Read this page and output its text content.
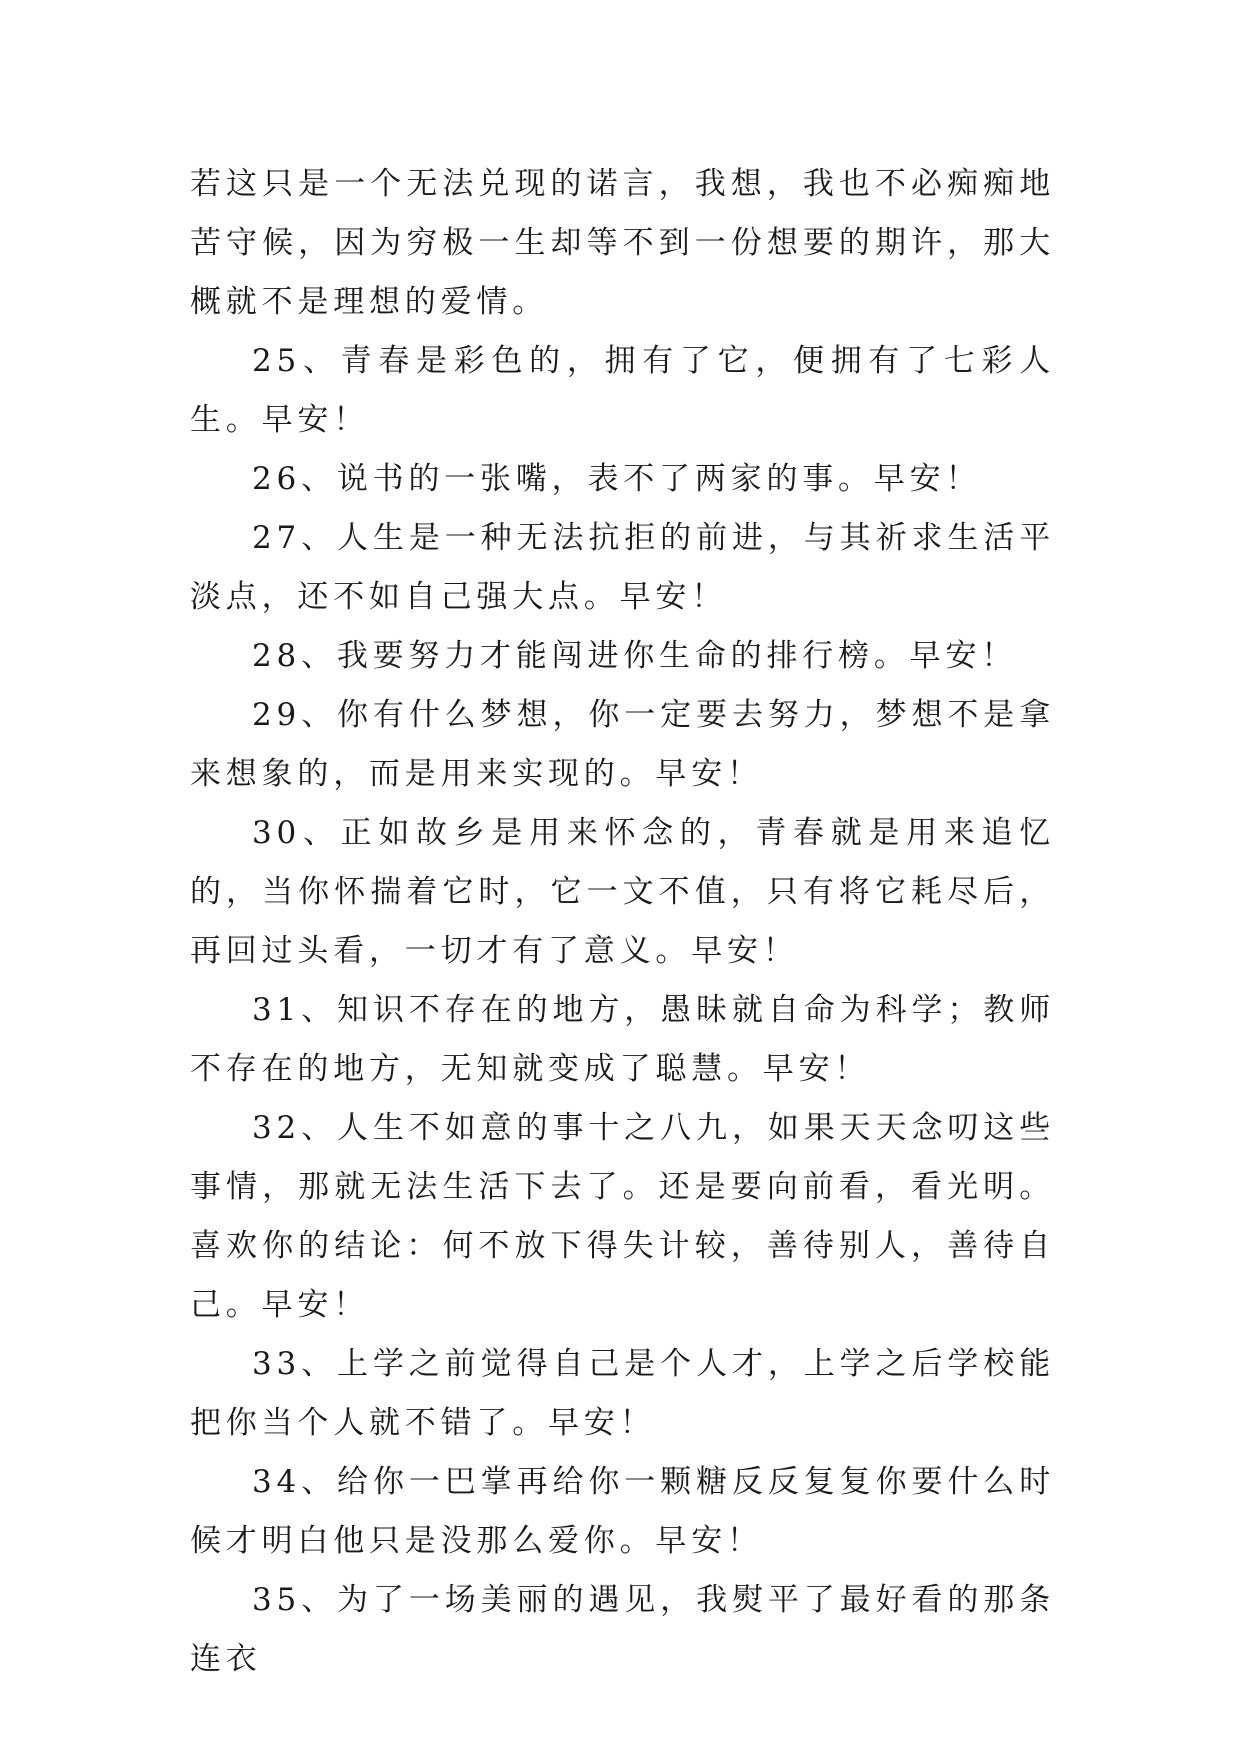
若这只是一个无法兑现的诺言，我想，我也不必痴痴地苦守候，因为穷极一生却等不到一份想要的期许，那大概就不是理想的爱情。

25、青春是彩色的，拥有了它，便拥有了七彩人生。早安！

26、说书的一张嘴，表不了两家的事。早安！

27、人生是一种无法抗拒的前进，与其祈求生活平淡点，还不如自己强大点。早安！

28、我要努力才能闯进你生命的排行榜。早安！

29、你有什么梦想，你一定要去努力，梦想不是拿来想象的，而是用来实现的。早安！

30、正如故乡是用来怀念的，青春就是用来追忆的，当你怀揣着它时，它一文不值，只有将它耗尽后，再回过头看，一切才有了意义。早安！

31、知识不存在的地方，愚昧就自命为科学；教师不存在的地方，无知就变成了聪慧。早安！

32、人生不如意的事十之八九，如果天天念叨这些事情，那就无法生活下去了。还是要向前看，看光明。喜欢你的结论：何不放下得失计较，善待别人，善待自己。早安！

33、上学之前觉得自己是个人才，上学之后学校能把你当个人就不错了。早安！

34、给你一巴掌再给你一颗糖反反复复你要什么时候才明白他只是没那么爱你。早安！

35、为了一场美丽的遇见，我熨平了最好看的那条连衣
